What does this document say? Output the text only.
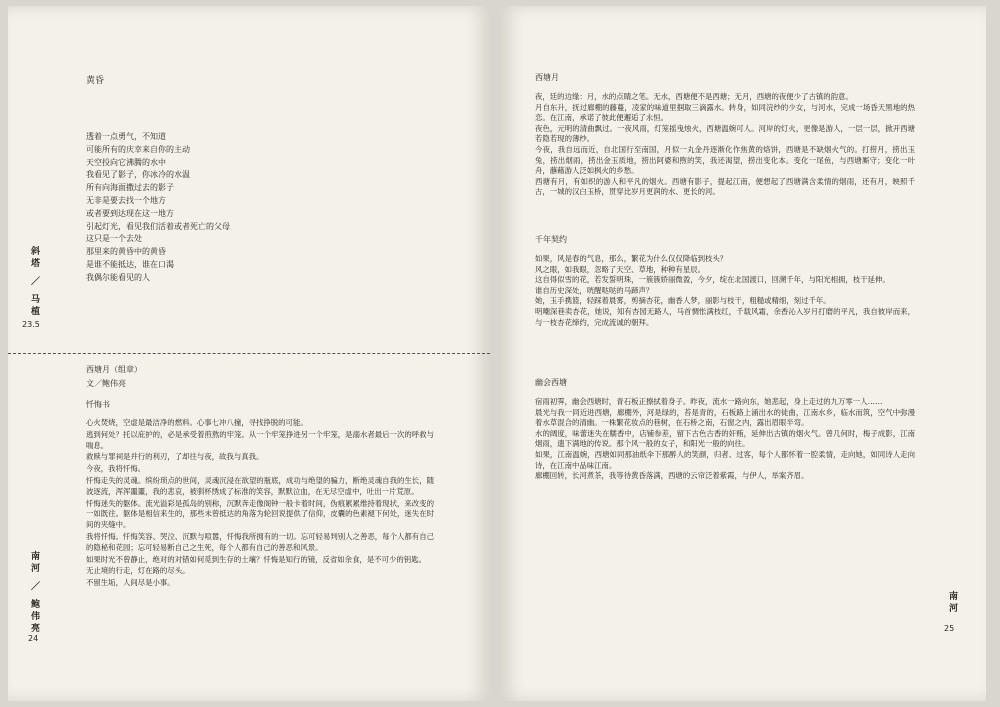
黄昏
透着一点勇气，不知道
可能所有的庆幸来自你的主动
天空投向它沸腾的水中
我看见了影子，你冰冷的水温
所有向海面撒过去的影子
无非是要去找一个地方
或者要到达现在这一地方
引起灯光，看见我们活着或者死亡的父母
这只是一个去处
那里来的黄昏中的黄昏
是谁不能抵达，谁在口渴
我偶尔能看见的人
斜塔 ／ 马植
23.5
西塘月（组章）
文／鲍伟亮
忏悔书

心火焚烧，空虚是最洁净的燃料。心事七冲八撞，寻找挣脱的可能。

逃到何处？托以庇护的，必是承受着煎熬的牢笼。从一个牢笼挣进另一个牢笼，是溺水者最后一次的呼救与喘息。

救赎与罪祠是并行的利刃，了却往与夜，故我与真我。

今夜，我将忏悔。

忏悔走失的灵魂。缤纷琐点的世间，灵魂沉浸在欲望的瓶底，成功与绝望的骗力，断绝灵魂自我的生长，随波逐流，浑浑噩噩，我的悲哀，被驯杯绣成了标准的笑容，默默泣血，在无尽空虚中，吐出一片荒原。

忏悔迷失的躯体。流光溢彩是孤岛的别称，沉默奔走像阁钟一般卡着时间，伪痕累累维持着现状，来改变的一如既往。躯体是相信来生的，那些未曾抵达的角落为轮回说提供了信仰，皮囊的色素褪下何处，迷失在时间的夹缝中。

我将忏悔。忏悔笑容、哭泣、沉默与喧嚣，忏悔我所拥有的一切。忘可轻易判别人之善恶，每个人都有自己的隐秘和花园；忘可轻易断自己之生死，每个人都有自己的善恶和风景。

如果时光不曾静止，绝对的对错如何觅到生存的土壤？忏悔是知行的镜，反省如余食，是不可少的钥匙。

无止境的行走，灯在路的尽头。

不留生垢，人间尽是小事。

南河 ／ 鲍伟亮
24
西塘月

夜，廷的边缘：月，水的点睛之笔。无水，西塘便不是西塘；无月，西塘的夜便少了古镇的韵意。

月自东升，抚过廊棚的藤蔓，凌家的味道里掴取三滴露水。转身，如同浣纱的少女，与河水，完成一场昏天黑地的热恋。在江南，承诺了彼此便邂逅了永恒。

夜色，元明的清曲飘过。一夜风雨，灯笼摇曳烛火，西塘温婉可人。河岸的灯火，更像是游人，一层一层，掀开西塘若隐若现的薄纱。

今夜，我自远而近，自北国行至南国，月似一丸金丹逐渐化作焦黄的烙饼，西塘是不缺烟火气的。打捞月，捞出玉兔，捞出烟雨，捞出金玉质地，捞出阿婆和煦的笑，我还渴望，捞出变化本。变化一尾鱼，与西塘厮守；变化一叶舟，蘸藉游人泛如枫火的乡愁。

西塘有月，有如织的游人和平凡的烟火。西塘有影子，提起江南，便想起了西塘满含柔情的烟雨，还有月，映照千古，一城的汉白玉桥，贯穿比岁月更润的水、更长的河。

千年契约

如果，风是春的气息，那么，繁花为什么仅仅降临到枝头？

风之眼，如我眼，忽略了天空、草地，种种有星辰。

这自得似雪的花，若发誓明珠，一簇簇娇丽微盈，今夕，绽在北国渡口，回溯千年，与阳光相拥，枝干延伸。

谁自历史深处，咣醒哒哒的马蹄声？

她，玉手携篮，轻踩着晨雾，剪摘杏花，幽香人梦，丽影与枝干，粗糙或精细，刻过千年。

明嘲深巷卖杏花，她说，知有杏园无路人，马首惆怅满枝红，千载风霜，余香沁入岁月打磨的平凡，我自彼岸而来，与一枝杏花缔约，完成流诚的朝拜。

幽会西塘

宿雨初霁，幽会西塘时，青石板正擦拭着身子。昨夜，流水一路向东，她悲起，身上走过的九万零一人……

晨光与我一同近进西塘，廊棚外，河是绿的，苔是青的，石板路上涌出水的徒曲，江南水乡，临水而筑，空气中弥漫着水草混合的清幽。一株繁花妆点的巷树，在石桥之南，石窗之内，露出眉眼半弯。

水的阔度，味蕾迷失在糯香中，店铺参差，留下古色古香的奸贿，延伸出古镇的烟火气。曾几何时，梅子成影，江南烟雨，遗下满地的传说。那个风一般的女子，和阳光一般的向往。

如果，江南温婉，西塘如同那油纸伞下那醉人的笑颜，归者、过客，每个人都怀着一腔柔情，走向她，如同诗人走向诗，在江南中品味江南。

廊棚回转，长河煮茶，我等待黄昏落满，西塘的云帘泛着紫霞，与伊人，举案齐眉。

南河
25
